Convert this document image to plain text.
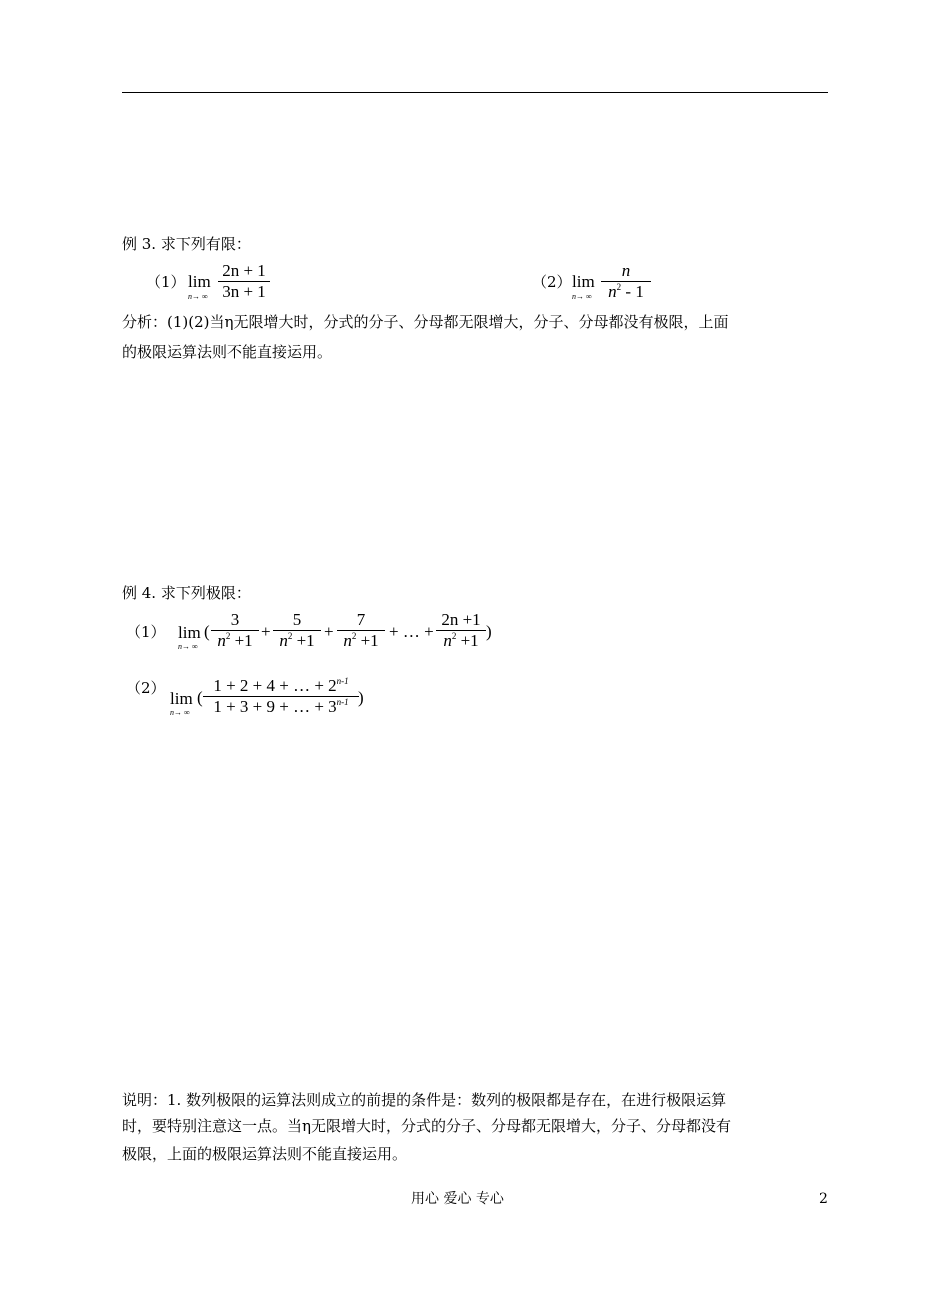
例 3. 求下列有限：
（1） lim
n→ ∞ $\frac{2n + 1}{3n + 1}$	（2） lim
n→ ∞ $\frac{n}{n^2 - 1}$
分析：(1)(2)当η无限增大时，分式的分子、分母都无限增大，分子、分母都没有极限，上面
的极限运算法则不能直接运用。
例 4. 求下列极限：
（1） lim
n→ ∞
( $\frac{3}{n^2 +1} + \frac{5}{n^2 +1} + \frac{7}{n^2 +1}$ + … + $\frac{2n +1}{n^2 +1}$ )
（2）
lim
n→ ∞
( $\frac{1 + 2 + 4 + \dots + 2^{n-1}}{1 + 3 + 9 + \dots + 3^{n-1}}$ )
说明：1. 数列极限的运算法则成立的前提的条件是：数列的极限都是存在，在进行极限运算
时，要特别注意这一点。当η无限增大时，分式的分子、分母都无限增大，分子、分母都没有
极限，上面的极限运算法则不能直接运用。
用心 爱心 专心	2
